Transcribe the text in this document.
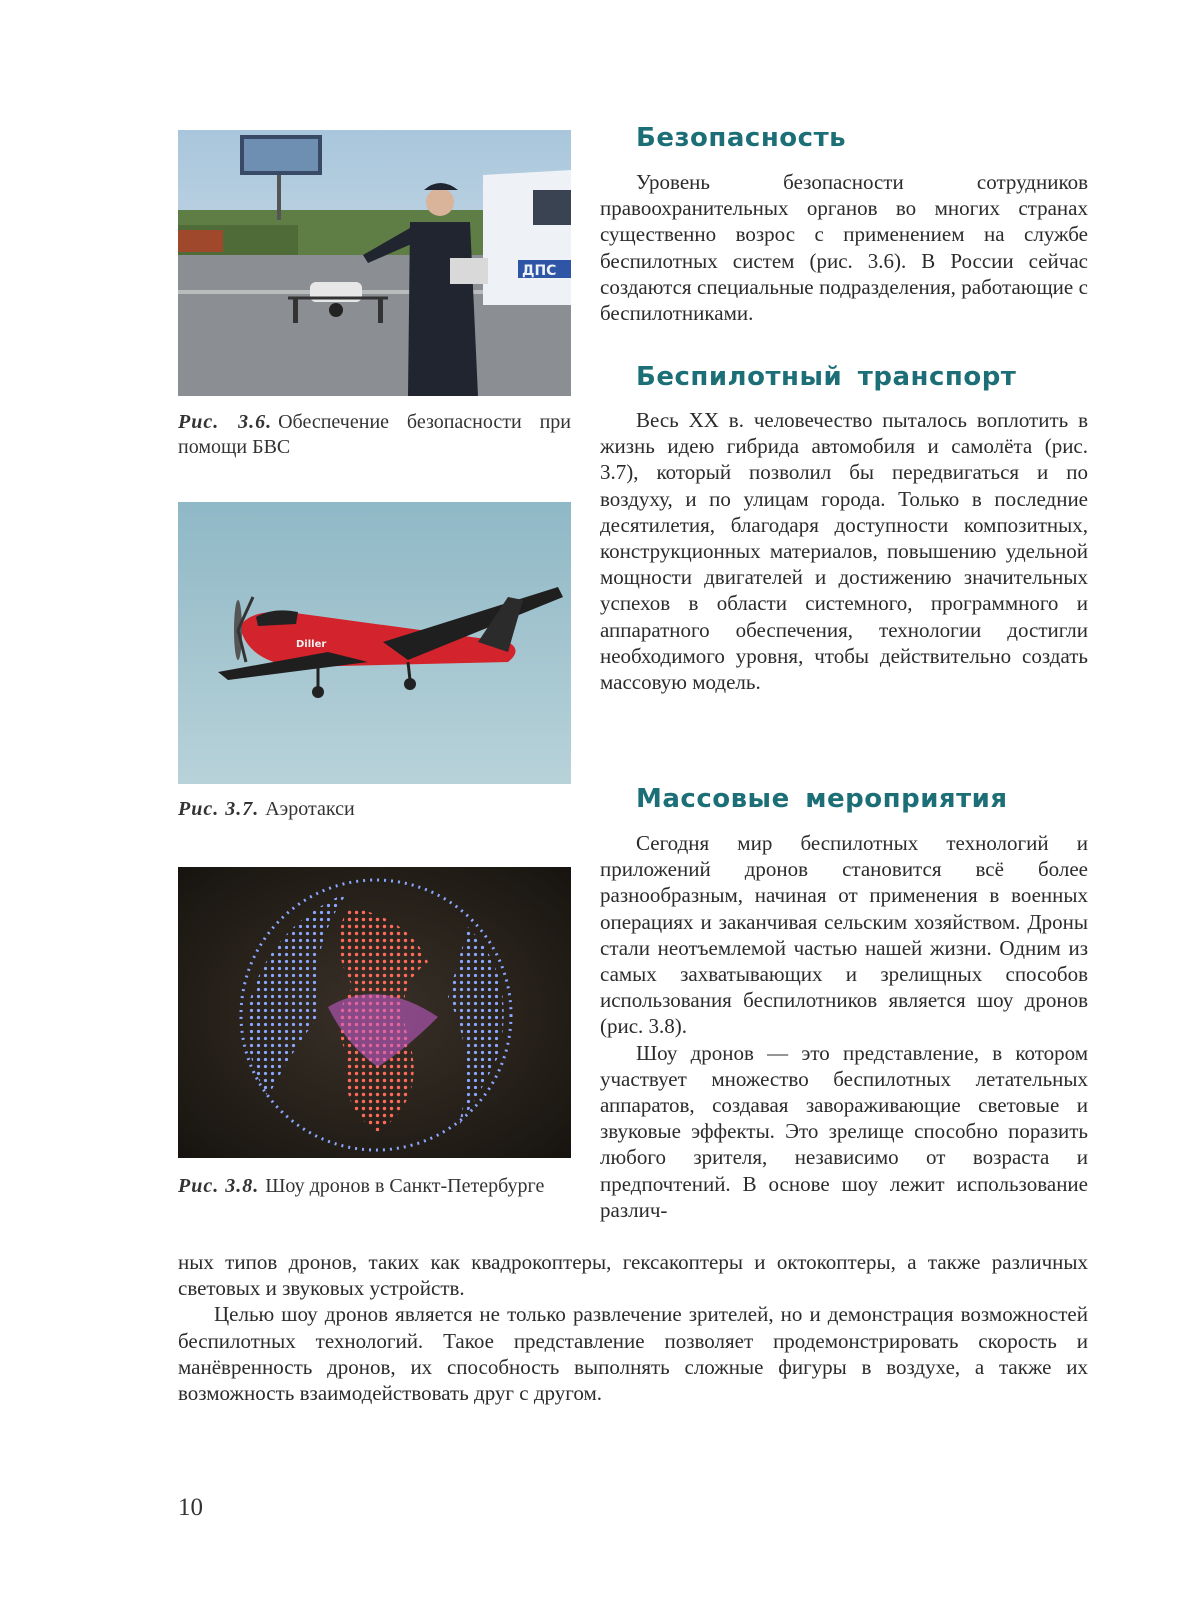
ДПС
Рис. 3.6. Обеспечение безопасности при помощи БВС
Diller
Рис. 3.7. Аэротакси
Рис. 3.8. Шоу дронов в Санкт-Петербурге
Безопасность

Уровень безопасности сотрудников правоохранительных органов во многих странах существенно возрос с применением на службе беспилотных систем (рис. 3.6). В России сейчас создаются специальные подразделения, работающие с беспилотниками.

Беспилотный транспорт

Весь XX в. человечество пыталось воплотить в жизнь идею гибрида автомобиля и самолёта (рис. 3.7), который позволил бы передвигаться и по воздуху, и по улицам города. Только в последние десятилетия, благодаря доступности композитных, конструкционных материалов, повышению удельной мощности двигателей и достижению значительных успехов в области системного, программного и аппаратного обеспечения, технологии достигли необходимого уровня, чтобы действительно создать массовую модель.

Массовые мероприятия

Сегодня мир беспилотных технологий и приложений дронов становится всё более разнообразным, начиная от применения в военных операциях и заканчивая сельским хозяйством. Дроны стали неотъемлемой частью нашей жизни. Одним из самых захватывающих и зрелищных способов использования беспилотников является шоу дронов (рис. 3.8).

Шоу дронов — это представление, в котором участвует множество беспилотных летательных аппаратов, создавая завораживающие световые и звуковые эффекты. Это зрелище способно поразить любого зрителя, независимо от возраста и предпочтений. В основе шоу лежит использование различ-

ных типов дронов, таких как квадрокоптеры, гексакоптеры и октокоптеры, а также различных световых и звуковых устройств.

Целью шоу дронов является не только развлечение зрителей, но и демонстрация возможностей беспилотных технологий. Такое представление позволяет продемонстрировать скорость и манёвренность дронов, их способность выполнять сложные фигуры в воздухе, а также их возможность взаимодействовать друг с другом.

10
